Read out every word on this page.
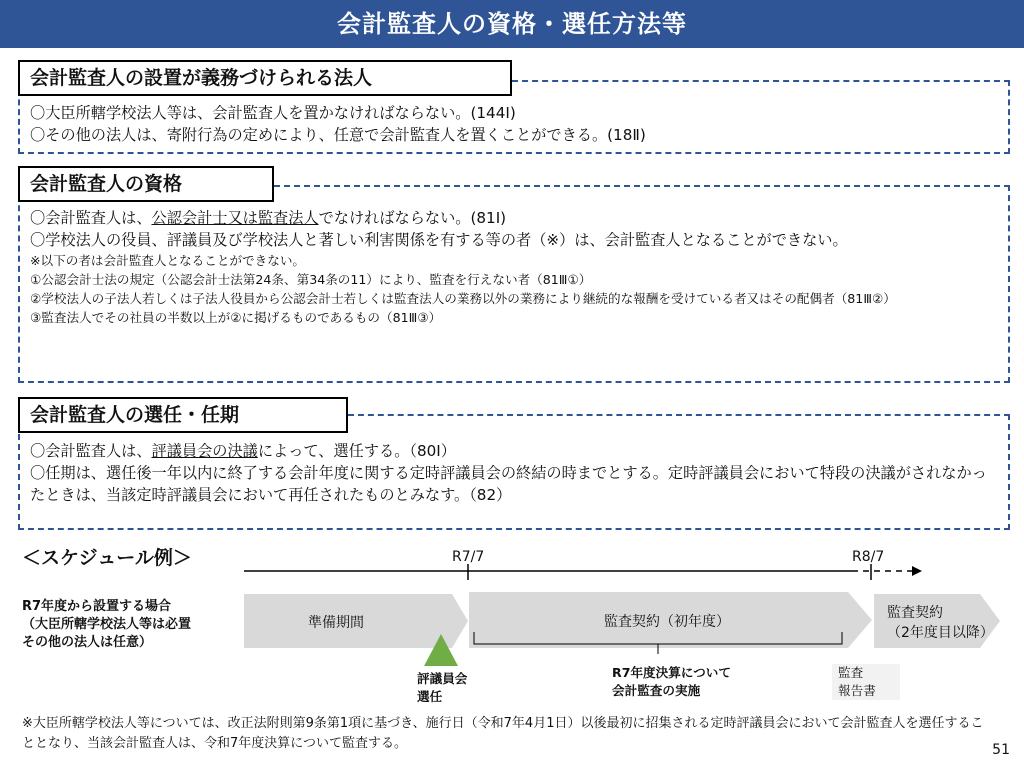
会計監査人の資格・選任方法等
会計監査人の設置が義務づけられる法人
〇大臣所轄学校法人等は、会計監査人を置かなければならない。(144Ⅰ)
〇その他の法人は、寄附行為の定めにより、任意で会計監査人を置くことができる。(18Ⅱ)
会計監査人の資格
〇会計監査人は、公認会計士又は監査法人でなければならない。(81Ⅰ)
〇学校法人の役員、評議員及び学校法人と著しい利害関係を有する等の者（※）は、会計監査人となることができない。
※以下の者は会計監査人となることができない。
①公認会計士法の規定（公認会計士法第24条、第34条の11）により、監査を行えない者（81Ⅲ①）
②学校法人の子法人若しくは子法人役員から公認会計士若しくは監査法人の業務以外の業務により継続的な報酬を受けている者又はその配偶者（81Ⅲ②）
③監査法人でその社員の半数以上が②に掲げるものであるもの（81Ⅲ③）
会計監査人の選任・任期
〇会計監査人は、評議員会の決議によって、選任する。（80Ⅰ）
〇任期は、選任後一年以内に終了する会計年度に関する定時評議員会の終結の時までとする。定時評議員会において特段の決議がされなかったときは、当該定時評議員会において再任されたものとみなす。（82）
＜スケジュール例＞	R7/7	R8/7
R7年度から設置する場合
（大臣所轄学校法人等は必置
その他の法人は任意）
準備期間	監査契約（初年度）
監査契約
（2年度目以降）
評議員会
選任
R7年度決算について
会計監査の実施
監査
報告書
※大臣所轄学校法人等については、改正法附則第9条第1項に基づき、施行日（令和7年4月1日）以後最初に招集される定時評議員会において会計監査人を選任することとなり、当該会計監査人は、令和7年度決算について監査する。	51
